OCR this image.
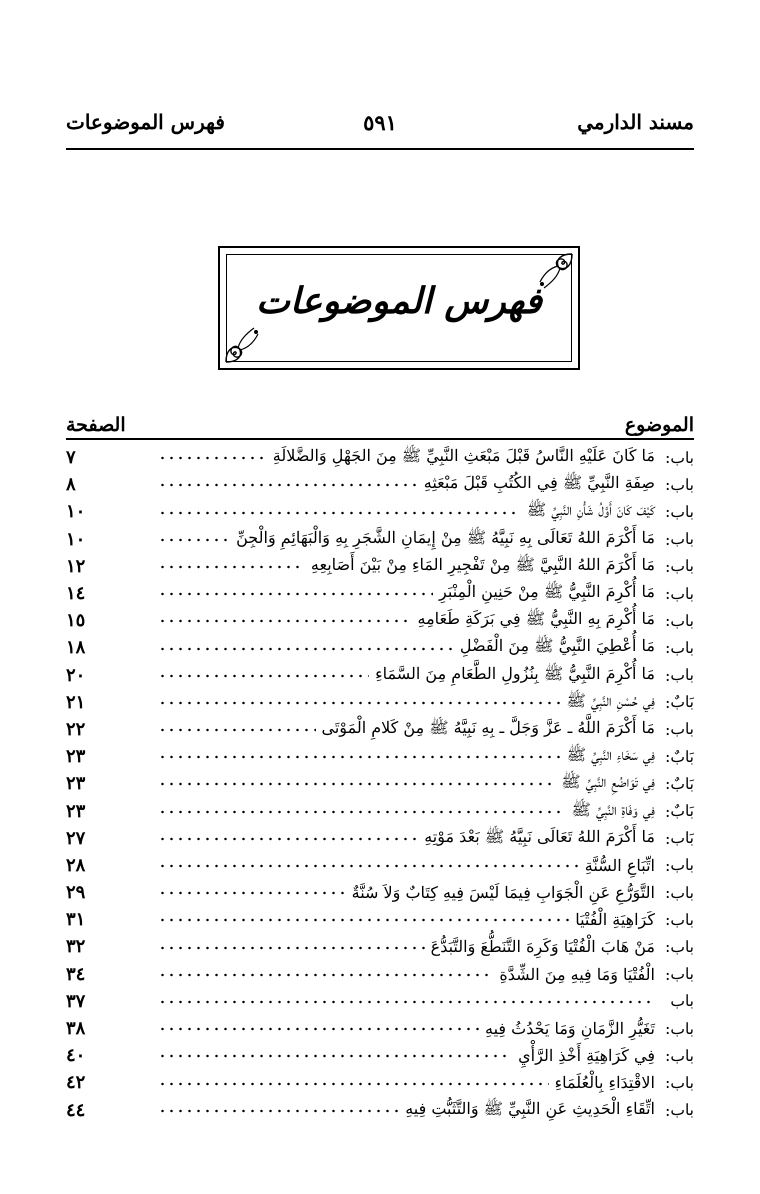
مسند الدارمي
٥٩١
فهرس الموضوعات
فهرس الموضوعات
الموضوع
الصفحة
باب
:
مَا كَانَ عَلَيْهِ النَّاسُ قَبْلَ مَبْعَثِ النَّبِيِّ ﷺ مِنَ الجَهْلِ وَالضَّلالَةِ
٧
باب
:
صِفَةِ النَّبِيِّ ﷺ فِي الكُتُبِ قَبْلَ مَبْعَثِهِ
٨
باب
:
كَيْفَ كَانَ أَوَّلُ شَأْنِ النَّبِيِّ ﷺ
١٠
باب
:
مَا أَكْرَمَ اللهُ تَعَالَى بِهِ نَبِيَّهُ ﷺ مِنْ إِيمَانِ الشَّجَرِ بِهِ وَالْبَهَائِمِ وَالْجِنِّ
١٠
باب
:
مَا أَكْرَمَ اللهُ النَّبِيَّ ﷺ مِنْ تَفْجِيرِ المَاءِ مِنْ بَيْنَ أَصَابِعِهِ
١٢
باب
:
مَا أُكْرِمَ النَّبِيُّ ﷺ مِنْ حَنِينِ الْمِنْبَرِ
١٤
باب
:
مَا أُكْرِمَ بِهِ النَّبِيُّ ﷺ فِي بَرَكَةِ طَعَامِهِ
١٥
باب
:
مَا أُعْطِيَ النَّبِيُّ ﷺ مِنَ الْفَضْلِ
١٨
باب
:
مَا أُكْرِمَ النَّبِيُّ ﷺ بِنُزُولِ الطَّعَامِ مِنَ السَّمَاءِ
٢٠
بَابٌ
:
فِي حُسْنِ النَّبِيِّ ﷺ
٢١
باب
:
مَا أَكْرَمَ اللَّهُ ـ عَزَّ وَجَلَّ ـ بِهِ نَبِيَّهُ ﷺ مِنْ كَلامِ الْمَوْتَى
٢٢
بَابٌ
:
فِي سَخَاءِ النَّبِيِّ ﷺ
٢٣
بَابٌ
:
فِي تَوَاضُعِ النَّبِيِّ ﷺ
٢٣
بَابٌ
:
فِي وَفَاةِ النَّبِيِّ ﷺ
٢٣
بَاب
:
مَا أَكْرَمَ اللهُ تَعَالَى نَبِيَّهُ ﷺ بَعْدَ مَوْتِهِ
٢٧
باب
:
اتِّبَاعِ السُّنَّةِ
٢٨
باب
:
التَّوَرُّعِ عَنِ الْجَوَابِ فِيمَا لَيْسَ فِيهِ كِتَابٌ وَلاَ سُنَّةٌ
٢٩
باب
:
كَرَاهِيَةِ الْفُتْيَا
٣١
باب
:
مَنْ هَابَ الْفُتْيَا وَكَرِهَ التَّنَطُّعَ وَالتَّبَدُّعَ
٣٢
باب
:
الْفُتْيَا وَمَا فِيهِ مِنَ الشِّدَّةِ
٣٤
باب
٣٧
باب
:
تَغَيُّرِ الزَّمَانِ وَمَا يَحْدُثُ فِيهِ
٣٨
باب
:
فِي كَرَاهِيَةِ أَخْذِ الرَّأْيِ
٤٠
باب
:
الاقْتِدَاءِ بِالْعُلَمَاءِ
٤٢
باب
:
اتِّقَاءِ الْحَدِيثِ عَنِ النَّبِيِّ ﷺ وَالتَّثَبُّتِ فِيهِ
٤٤
